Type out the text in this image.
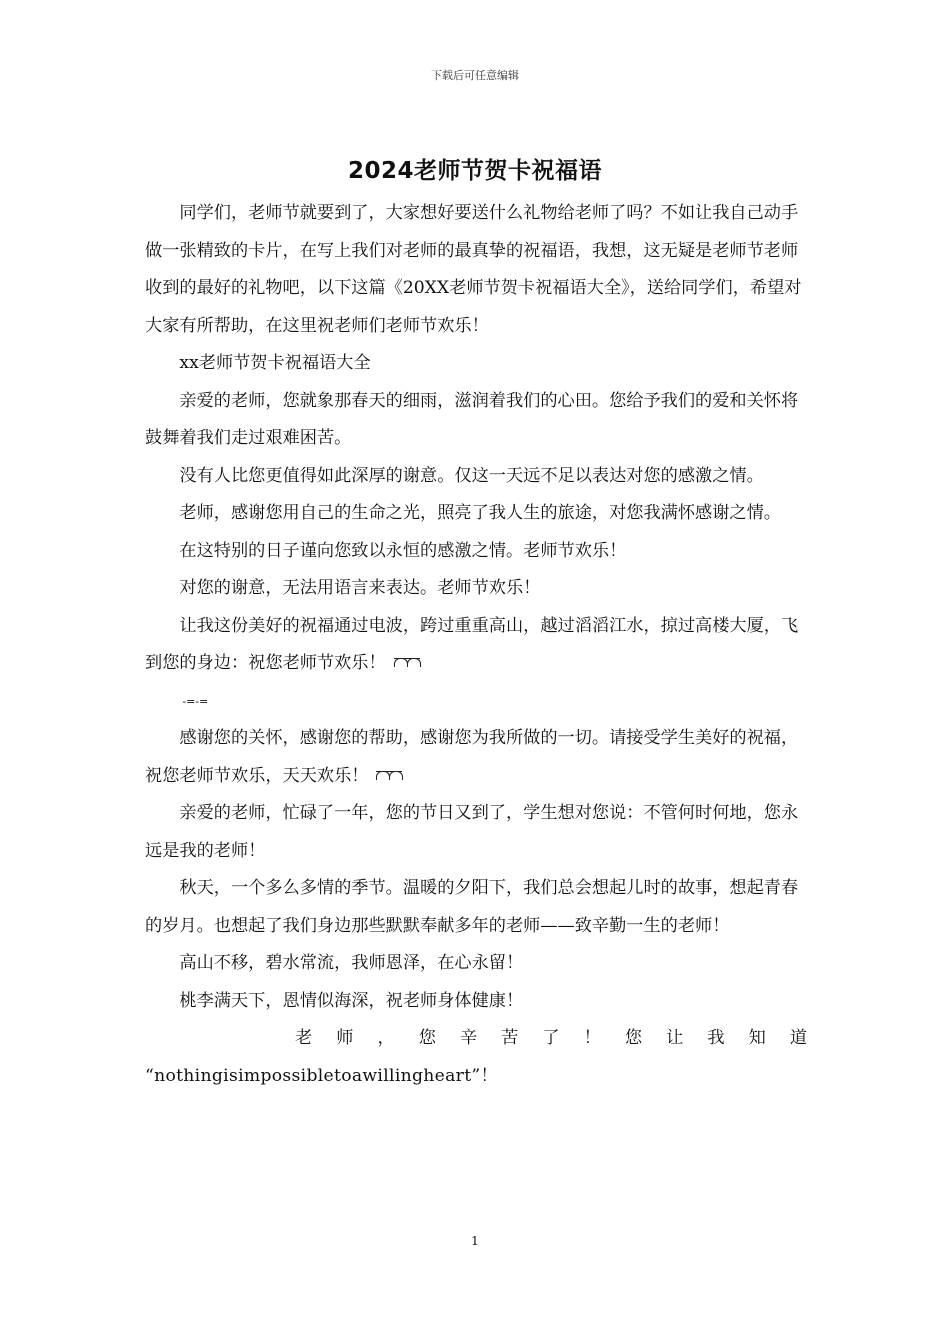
下载后可任意编辑
2024老师节贺卡祝福语

同学们，老师节就要到了，大家想好要送什么礼物给老师了吗？不如让我自己动手做一张精致的卡片，在写上我们对老师的最真挚的祝福语，我想，这无疑是老师节老师收到的最好的礼物吧，以下这篇《20XX老师节贺卡祝福语大全》，送给同学们，希望对大家有所帮助，在这里祝老师们老师节欢乐！

xx老师节贺卡祝福语大全

亲爱的老师，您就象那春天的细雨，滋润着我们的心田。您给予我们的爱和关怀将鼓舞着我们走过艰难困苦。

没有人比您更值得如此深厚的谢意。仅这一天远不足以表达对您的感激之情。

老师，感谢您用自己的生命之光，照亮了我人生的旅途，对您我满怀感谢之情。

在这特别的日子谨向您致以永恒的感激之情。老师节欢乐！

对您的谢意，无法用语言来表达。老师节欢乐！

让我这份美好的祝福通过电波，跨过重重高山，越过滔滔江水，掠过高楼大厦，飞到您的身边：祝您老师节欢乐！

-=-=

感谢您的关怀，感谢您的帮助，感谢您为我所做的一切。请接受学生美好的祝福，祝您老师节欢乐，天天欢乐！

亲爱的老师，忙碌了一年，您的节日又到了，学生想对您说：不管何时何地，您永远是我的老师！

秋天，一个多么多情的季节。温暖的夕阳下，我们总会想起儿时的故事，想起青春的岁月。也想起了我们身边那些默默奉献多年的老师——致辛勤一生的老师！

高山不移，碧水常流，我师恩泽，在心永留！

桃李满天下，恩情似海深，祝老师身体健康！

老 师 ， 您 辛 苦 了 ！ 您 让 我 知 道

“nothingisimpossibletoawillingheart”！

1
